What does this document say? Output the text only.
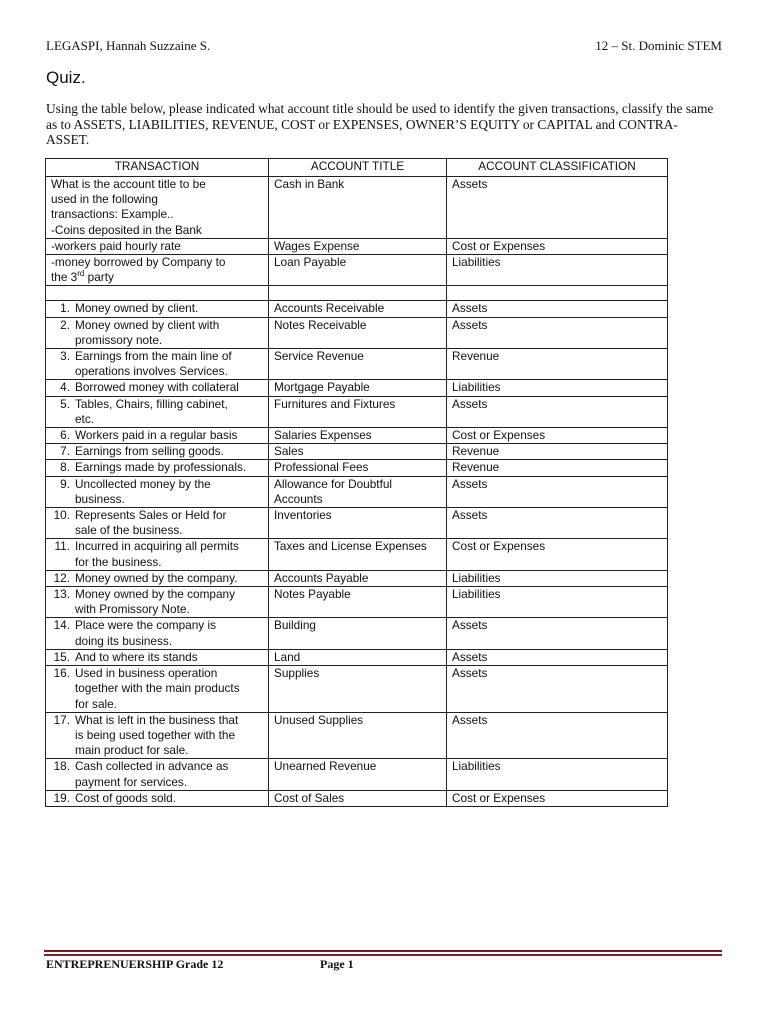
LEGASPI, Hannah Suzzaine S.	12 – St. Dominic STEM
Quiz.
Using the table below, please indicated what account title should be used to identify the given transactions, classify the same as to ASSETS, LIABILITIES, REVENUE, COST or EXPENSES, OWNER’S EQUITY or CAPITAL and CONTRA-ASSET.
TRANSACTION	ACCOUNT TITLE	ACCOUNT CLASSIFICATION

What is the account title to be
used in the following
transactions: Example..
-Coins deposited in the Bank	Cash in Bank	Assets

-workers paid hourly rate	Wages Expense	Cost or Expenses

-money borrowed by Company to
the 3rd party	Loan Payable	Liabilities

1. Money owned by client.	Accounts Receivable	Assets
2. Money owned by client with promissory note.	Notes Receivable	Assets
3. Earnings from the main line of operations involves Services.	Service Revenue	Revenue
4. Borrowed money with collateral	Mortgage Payable	Liabilities
5. Tables, Chairs, filling cabinet, etc.	Furnitures and Fixtures	Assets
6. Workers paid in a regular basis	Salaries Expenses	Cost or Expenses
7. Earnings from selling goods.	Sales	Revenue
8. Earnings made by professionals.	Professional Fees	Revenue
9. Uncollected money by the business.	Allowance for Doubtful Accounts	Assets
10. Represents Sales or Held for sale of the business.	Inventories	Assets
11. Incurred in acquiring all permits for the business.	Taxes and License Expenses	Cost or Expenses
12. Money owned by the company.	Accounts Payable	Liabilities
13. Money owned by the company with Promissory Note.	Notes Payable	Liabilities
14. Place were the company is doing its business.	Building	Assets
15. And to where its stands	Land	Assets
16. Used in business operation together with the main products for sale.	Supplies	Assets
17. What is left in the business that is being used together with the main product for sale.	Unused Supplies	Assets
18. Cash collected in advance as payment for services.	Unearned Revenue	Liabilities
19. Cost of goods sold.	Cost of Sales	Cost or Expenses
ENTREPRENUERSHIP Grade 12	Page 1
